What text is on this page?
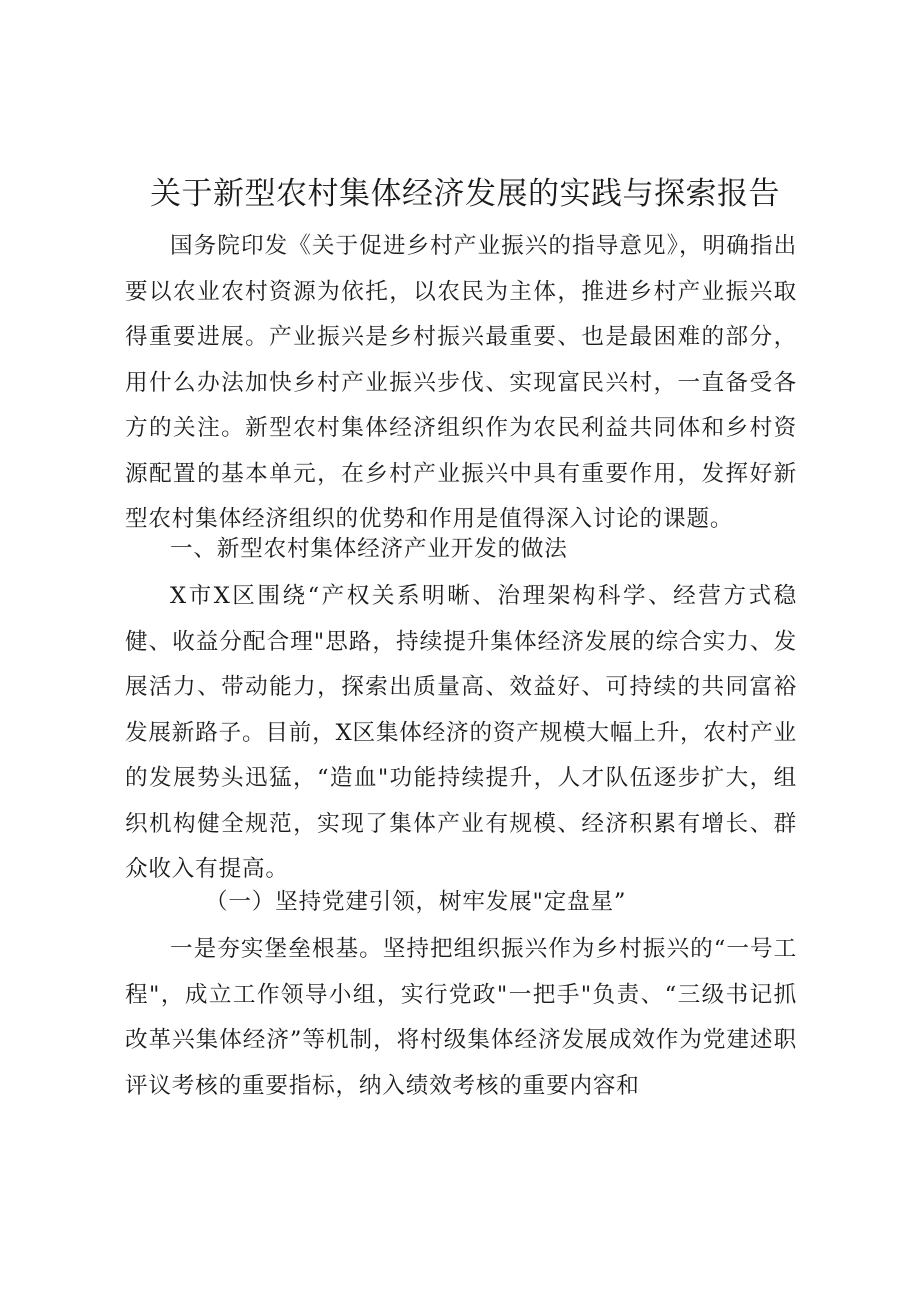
关于新型农村集体经济发展的实践与探索报告

国务院印发《关于促进乡村产业振兴的指导意见》，明确指出要以农业农村资源为依托，以农民为主体，推进乡村产业振兴取得重要进展。产业振兴是乡村振兴最重要、也是最困难的部分，用什么办法加快乡村产业振兴步伐、实现富民兴村，一直备受各方的关注。新型农村集体经济组织作为农民利益共同体和乡村资源配置的基本单元，在乡村产业振兴中具有重要作用，发挥好新型农村集体经济组织的优势和作用是值得深入讨论的课题。

一、新型农村集体经济产业开发的做法

X市X区围绕“产权关系明晰、治理架构科学、经营方式稳健、收益分配合理"思路，持续提升集体经济发展的综合实力、发展活力、带动能力，探索出质量高、效益好、可持续的共同富裕发展新路子。目前，X区集体经济的资产规模大幅上升，农村产业的发展势头迅猛，“造血"功能持续提升，人才队伍逐步扩大，组织机构健全规范，实现了集体产业有规模、经济积累有增长、群众收入有提高。

（一）坚持党建引领，树牢发展"定盘星”

一是夯实堡垒根基。坚持把组织振兴作为乡村振兴的“一号工程"，成立工作领导小组，实行党政"一把手"负责、“三级书记抓改革兴集体经济”等机制，将村级集体经济发展成效作为党建述职评议考核的重要指标，纳入绩效考核的重要内容和
